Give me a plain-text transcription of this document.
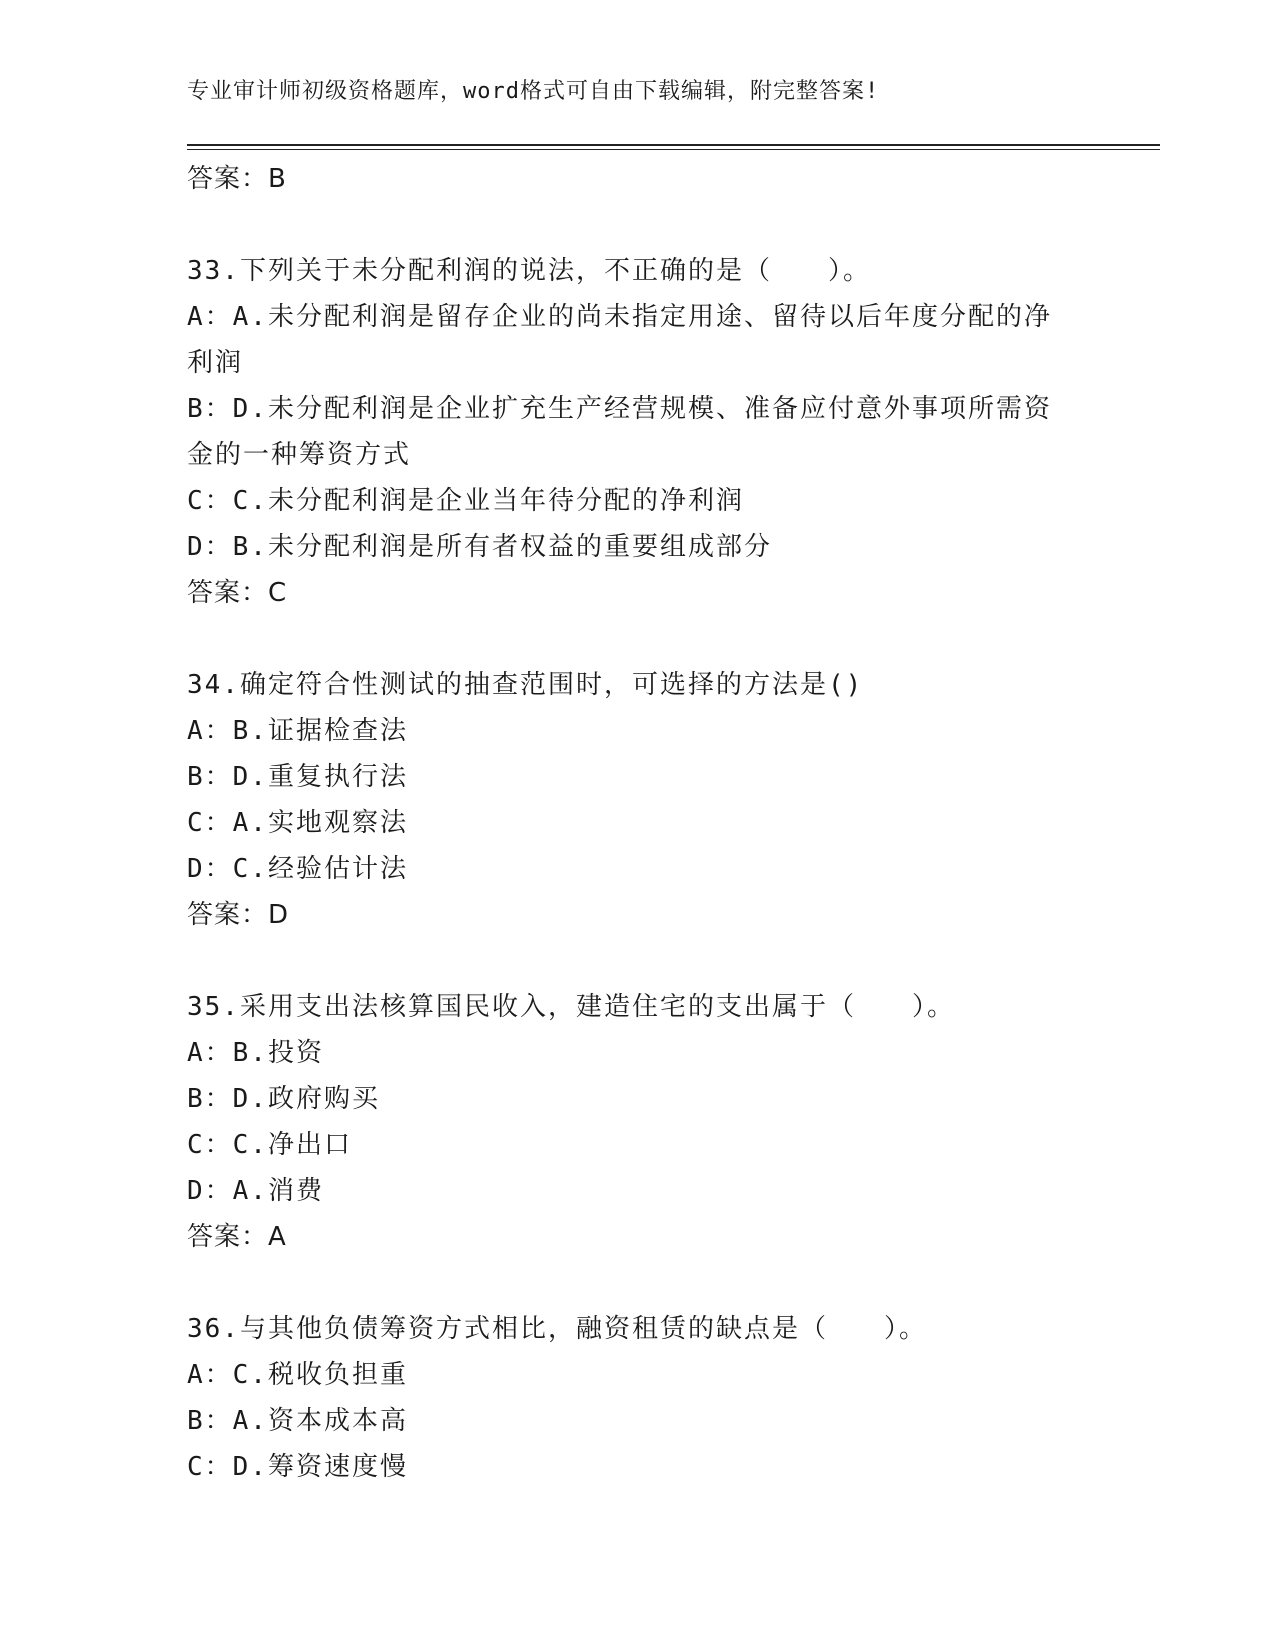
专业审计师初级资格题库，word格式可自由下载编辑，附完整答案!
答案：B
33.下列关于未分配利润的说法，不正确的是（　　）。
A：A.未分配利润是留存企业的尚未指定用途、留待以后年度分配的净
利润
B：D.未分配利润是企业扩充生产经营规模、准备应付意外事项所需资
金的一种筹资方式
C：C.未分配利润是企业当年待分配的净利润
D：B.未分配利润是所有者权益的重要组成部分
答案：C
34.确定符合性测试的抽查范围时，可选择的方法是()
A：B.证据检查法
B：D.重复执行法
C：A.实地观察法
D：C.经验估计法
答案：D
35.采用支出法核算国民收入，建造住宅的支出属于（　　）。
A：B.投资
B：D.政府购买
C：C.净出口
D：A.消费
答案：A
36.与其他负债筹资方式相比，融资租赁的缺点是（　　）。
A：C.税收负担重
B：A.资本成本高
C：D.筹资速度慢
